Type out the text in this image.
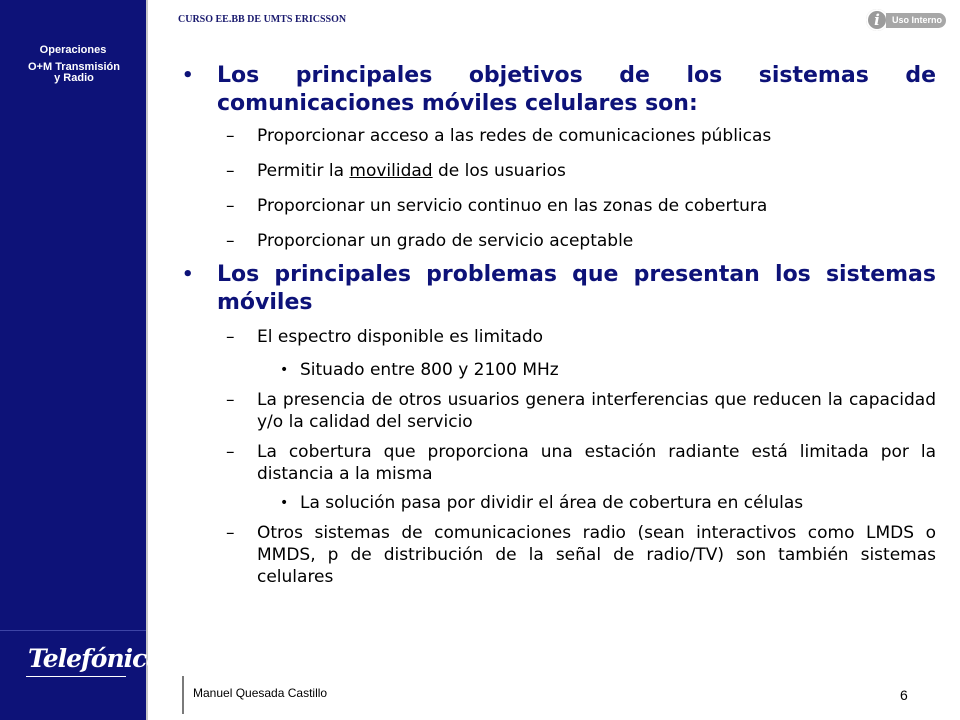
Operaciones
O+M Transmisión y Radio
Telefónica
CURSO EE.BB DE UMTS ERICSSON	i	Uso Interno
• Los principales objetivos de los sistemas de comunicaciones móviles celulares son:
– Proporcionar acceso a las redes de comunicaciones públicas
– Permitir la movilidad de los usuarios
– Proporcionar un servicio continuo en las zonas de cobertura
– Proporcionar un grado de servicio aceptable
• Los principales problemas que presentan los sistemas móviles
– El espectro disponible es limitado
• Situado entre 800 y 2100 MHz
– La presencia de otros usuarios genera interferencias que reducen la capacidad y/o la calidad del servicio
– La cobertura que proporciona una estación radiante está limitada por la distancia a la misma
• La solución pasa por dividir el área de cobertura en células
– Otros sistemas de comunicaciones radio (sean interactivos como LMDS o MMDS, p de distribución de la señal de radio/TV) son también sistemas celulares
Manuel Quesada Castillo	6
